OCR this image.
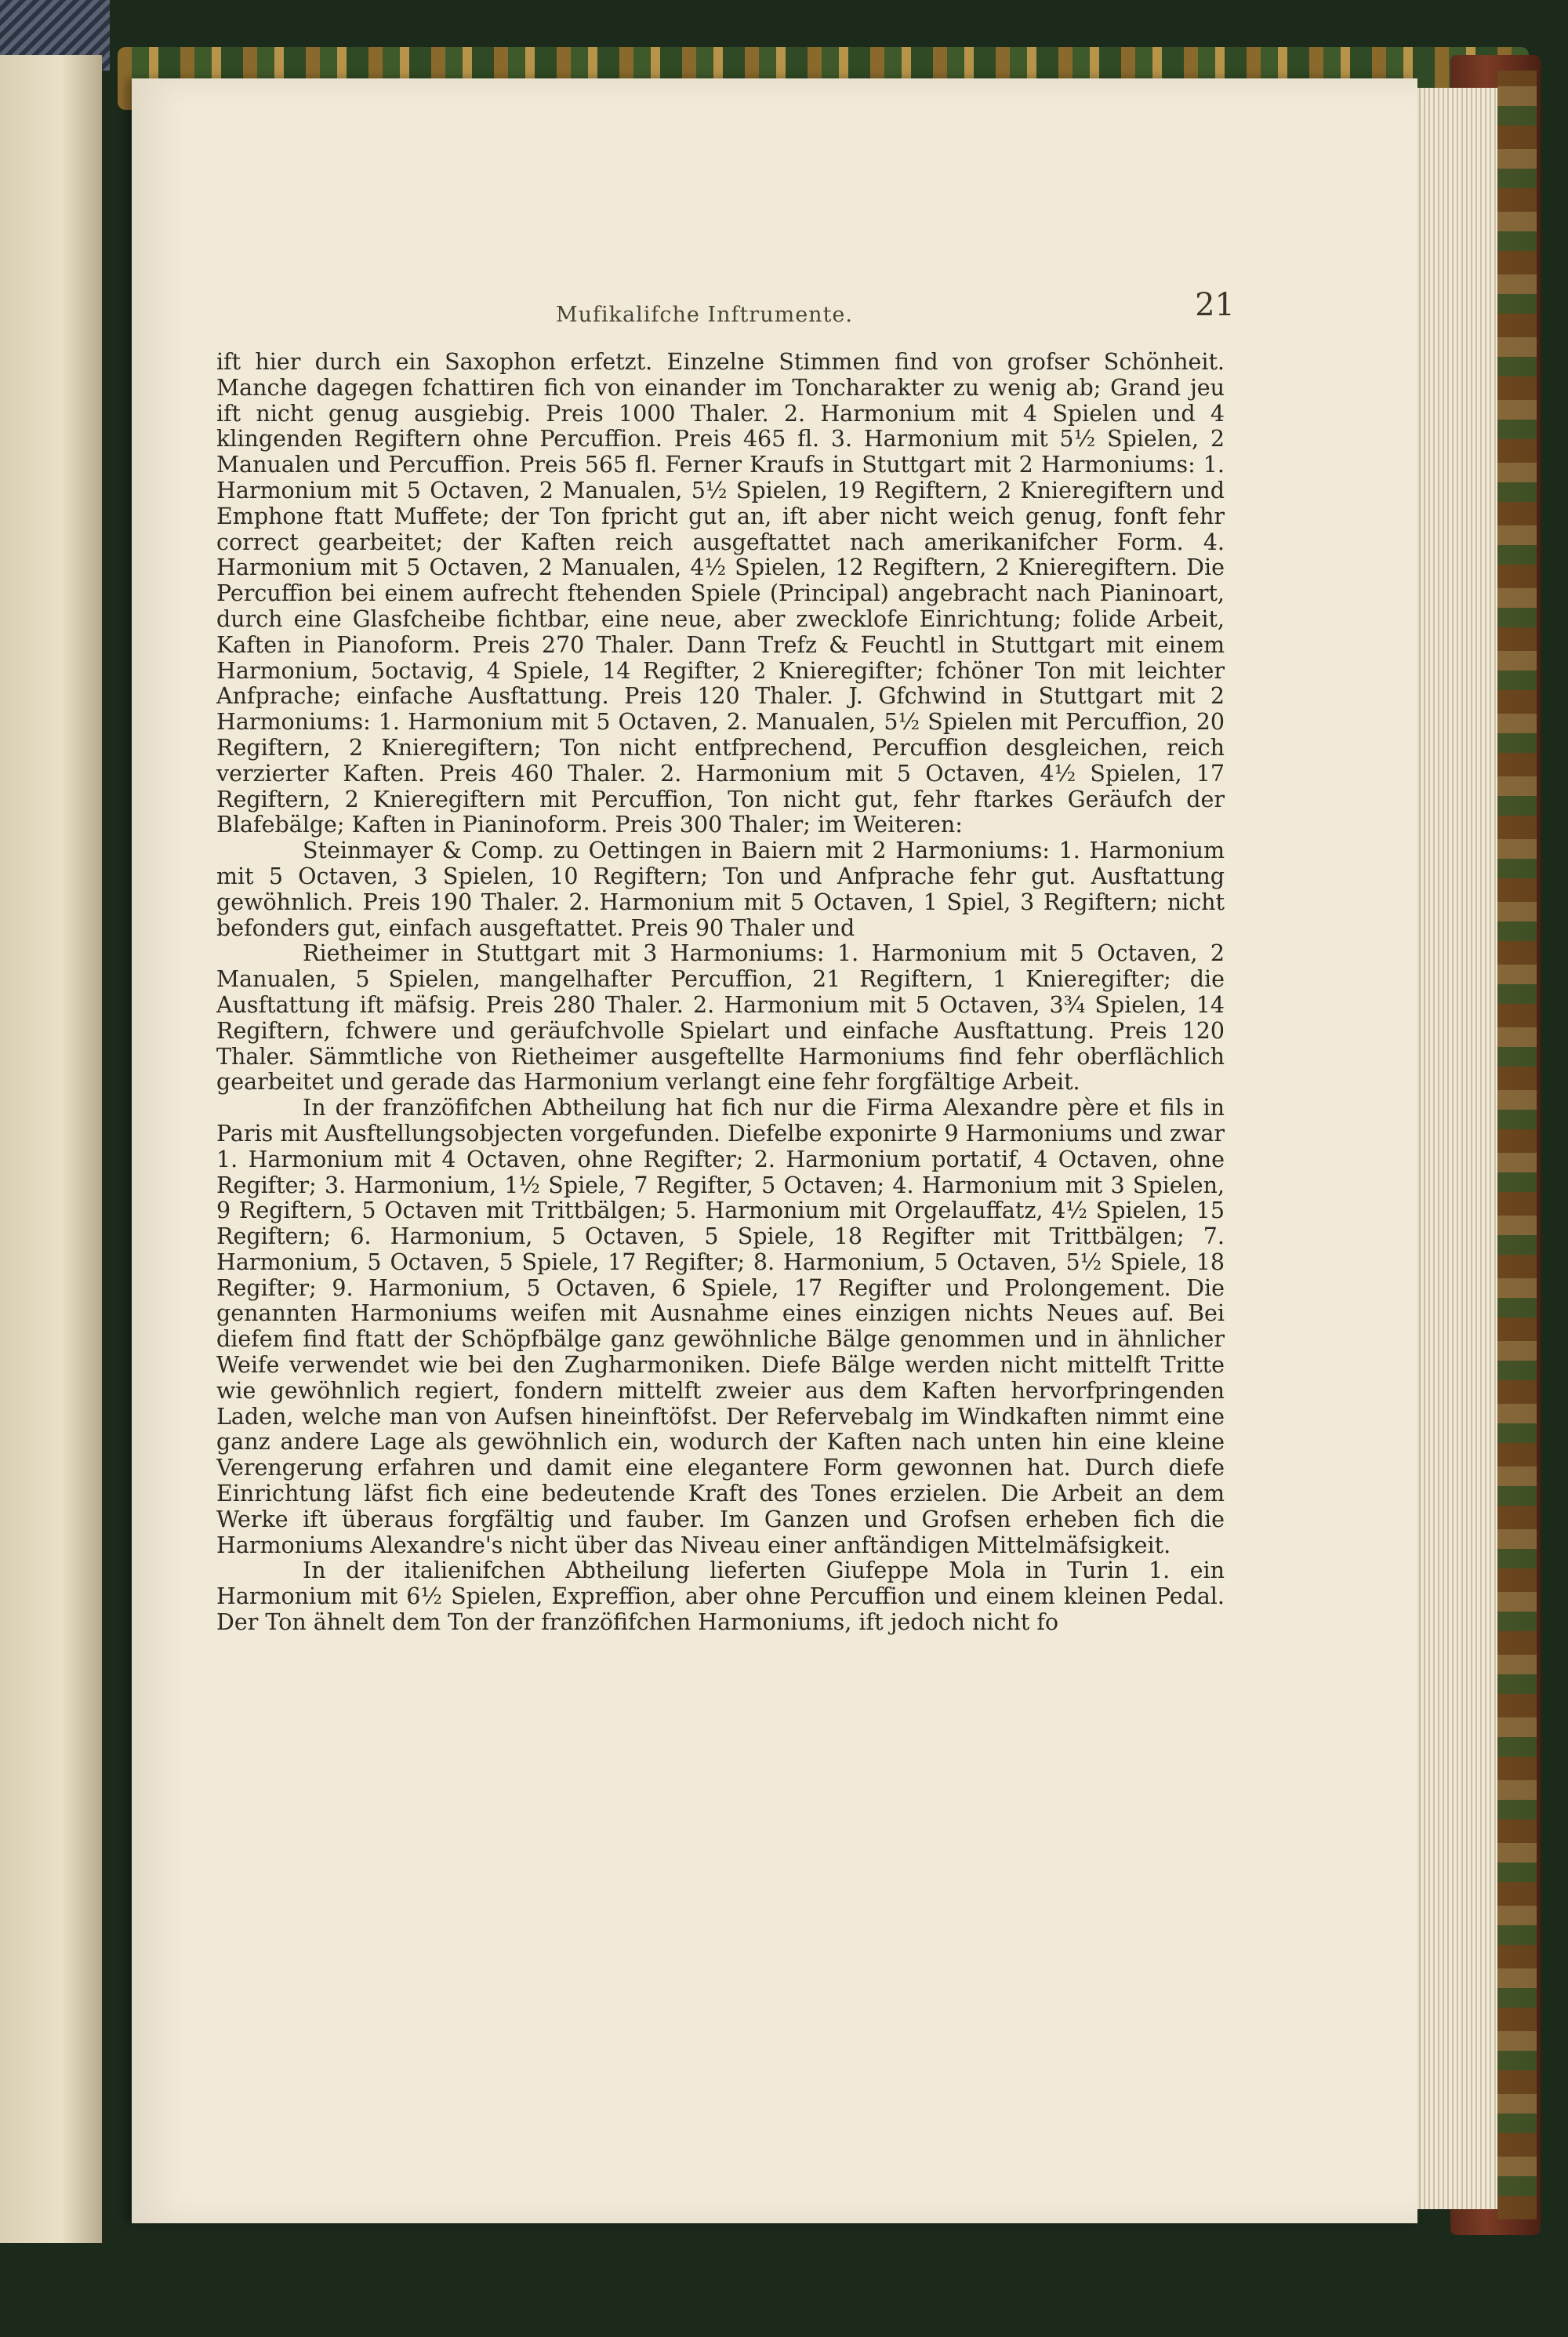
Mufikalifche Inftrumente.	21

ift hier durch ein Saxophon erfetzt. Einzelne Stimmen find von grofser Schönheit. Manche dagegen fchattiren fich von einander im Toncharakter zu wenig ab; Grand jeu ift nicht genug ausgiebig. Preis 1000 Thaler. 2. Harmonium mit 4 Spielen und 4 klingenden Regiftern ohne Percuffion. Preis 465 fl. 3. Harmonium mit 5½ Spielen, 2 Manualen und Percuffion. Preis 565 fl. Ferner Kraufs in Stuttgart mit 2 Harmoniums: 1. Harmonium mit 5 Octaven, 2 Manualen, 5½ Spielen, 19 Regiftern, 2 Knieregiftern und Emphone ftatt Muffete; der Ton fpricht gut an, ift aber nicht weich genug, fonft fehr correct gearbeitet; der Kaften reich ausgeftattet nach amerikanifcher Form. 4. Harmonium mit 5 Octaven, 2 Manualen, 4½ Spielen, 12 Regiftern, 2 Knieregiftern. Die Percuffion bei einem aufrecht ftehenden Spiele (Principal) angebracht nach Pianinoart, durch eine Glasfcheibe fichtbar, eine neue, aber zwecklofe Einrichtung; folide Arbeit, Kaften in Pianoform. Preis 270 Thaler. Dann Trefz & Feuchtl in Stuttgart mit einem Harmonium, 5octavig, 4 Spiele, 14 Regifter, 2 Knieregifter; fchöner Ton mit leichter Anfprache; einfache Ausftattung. Preis 120 Thaler. J. Gfchwind in Stuttgart mit 2 Harmoniums: 1. Harmonium mit 5 Octaven, 2. Manualen, 5½ Spielen mit Percuffion, 20 Regiftern, 2 Knieregiftern; Ton nicht entfprechend, Percuffion desgleichen, reich verzierter Kaften. Preis 460 Thaler. 2. Harmonium mit 5 Octaven, 4½ Spielen, 17 Regiftern, 2 Knieregiftern mit Percuffion, Ton nicht gut, fehr ftarkes Geräufch der Blafebälge; Kaften in Pianinoform. Preis 300 Thaler; im Weiteren:

Steinmayer & Comp. zu Oettingen in Baiern mit 2 Harmoniums: 1. Harmonium mit 5 Octaven, 3 Spielen, 10 Regiftern; Ton und Anfprache fehr gut. Ausftattung gewöhnlich. Preis 190 Thaler. 2. Harmonium mit 5 Octaven, 1 Spiel, 3 Regiftern; nicht befonders gut, einfach ausgeftattet. Preis 90 Thaler und

Rietheimer in Stuttgart mit 3 Harmoniums: 1. Harmonium mit 5 Octaven, 2 Manualen, 5 Spielen, mangelhafter Percuffion, 21 Regiftern, 1 Knieregifter; die Ausftattung ift mäfsig. Preis 280 Thaler. 2. Harmonium mit 5 Octaven, 3¾ Spielen, 14 Regiftern, fchwere und geräufchvolle Spielart und einfache Ausftattung. Preis 120 Thaler. Sämmtliche von Rietheimer ausgeftellte Harmoniums find fehr oberflächlich gearbeitet und gerade das Harmonium verlangt eine fehr forgfältige Arbeit.

In der franzöfifchen Abtheilung hat fich nur die Firma Alexandre père et fils in Paris mit Ausftellungsobjecten vorgefunden. Diefelbe exponirte 9 Harmoniums und zwar 1. Harmonium mit 4 Octaven, ohne Regifter; 2. Harmonium portatif, 4 Octaven, ohne Regifter; 3. Harmonium, 1½ Spiele, 7 Regifter, 5 Octaven; 4. Harmonium mit 3 Spielen, 9 Regiftern, 5 Octaven mit Trittbälgen; 5. Harmonium mit Orgelauffatz, 4½ Spielen, 15 Regiftern; 6. Harmonium, 5 Octaven, 5 Spiele, 18 Regifter mit Trittbälgen; 7. Harmonium, 5 Octaven, 5 Spiele, 17 Regifter; 8. Harmonium, 5 Octaven, 5½ Spiele, 18 Regifter; 9. Harmonium, 5 Octaven, 6 Spiele, 17 Regifter und Prolongement. Die genannten Harmoniums weifen mit Ausnahme eines einzigen nichts Neues auf. Bei diefem find ftatt der Schöpfbälge ganz gewöhnliche Bälge genommen und in ähnlicher Weife verwendet wie bei den Zugharmoniken. Diefe Bälge werden nicht mittelft Tritte wie gewöhnlich regiert, fondern mittelft zweier aus dem Kaften hervorfpringenden Laden, welche man von Aufsen hineinftöfst. Der Refervebalg im Windkaften nimmt eine ganz andere Lage als gewöhnlich ein, wodurch der Kaften nach unten hin eine kleine Verengerung erfahren und damit eine elegantere Form gewonnen hat. Durch diefe Einrichtung läfst fich eine bedeutende Kraft des Tones erzielen. Die Arbeit an dem Werke ift überaus forgfältig und fauber. Im Ganzen und Grofsen erheben fich die Harmoniums Alexandre's nicht über das Niveau einer anftändigen Mittelmäfsigkeit.

In der italienifchen Abtheilung lieferten Giufeppe Mola in Turin 1. ein Harmonium mit 6½ Spielen, Expreffion, aber ohne Percuffion und einem kleinen Pedal. Der Ton ähnelt dem Ton der franzöfifchen Harmoniums, ift jedoch nicht fo
